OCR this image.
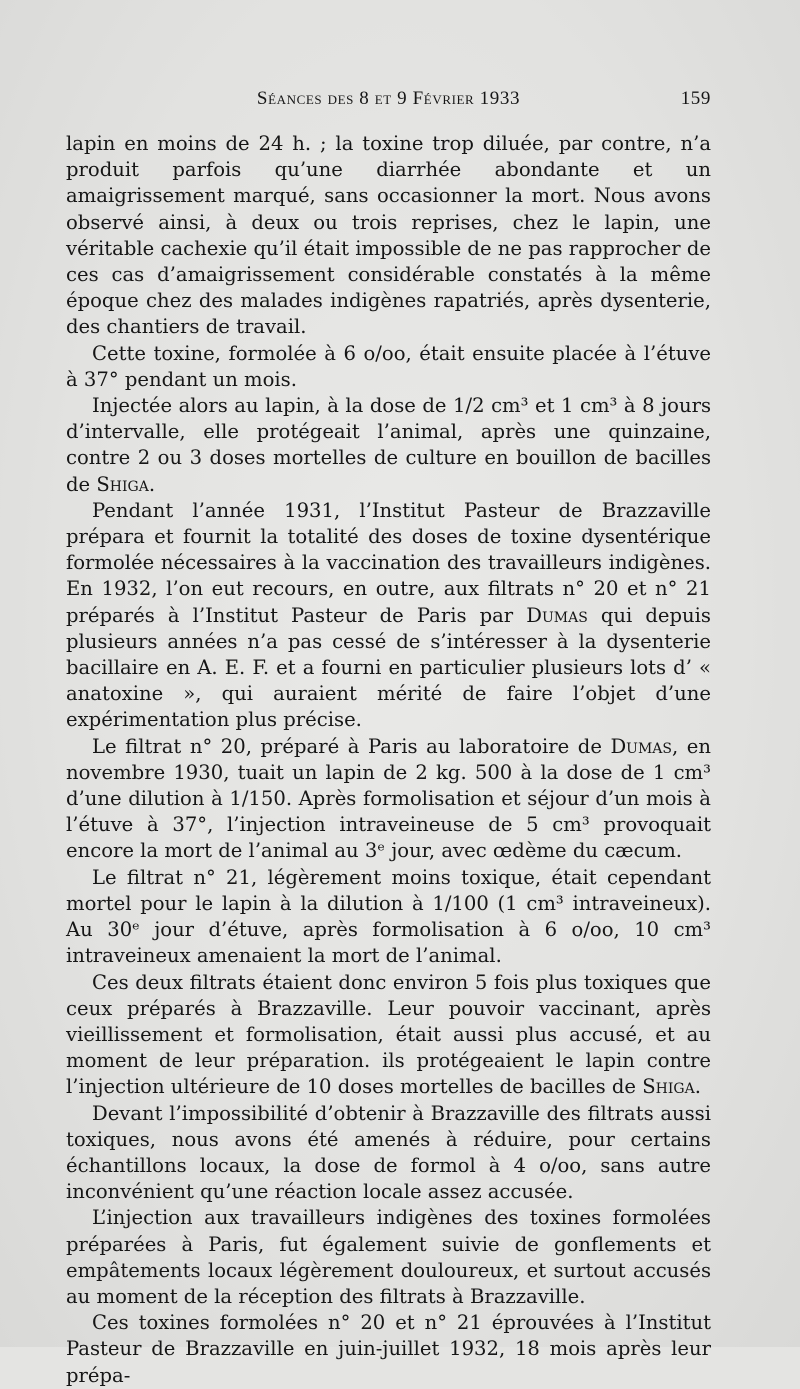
Séances des 8 et 9 Février 1933	159

lapin en moins de 24 h. ; la toxine trop diluée, par contre, n’a produit parfois qu’une diarrhée abondante et un amaigrissement marqué, sans occasionner la mort. Nous avons observé ainsi, à deux ou trois reprises, chez le lapin, une véritable cachexie qu’il était impossible de ne pas rapprocher de ces cas d’amaigrissement considérable constatés à la même époque chez des malades indigènes rapatriés, après dysenterie, des chantiers de travail.

Cette toxine, formolée à 6 o/oo, était ensuite placée à l’étuve à 37° pendant un mois.

Injectée alors au lapin, à la dose de 1/2 cm³ et 1 cm³ à 8 jours d’intervalle, elle protégeait l’animal, après une quinzaine, contre 2 ou 3 doses mortelles de culture en bouillon de bacilles de Shiga.

Pendant l’année 1931, l’Institut Pasteur de Brazzaville prépara et fournit la totalité des doses de toxine dysentérique formolée nécessaires à la vaccination des travailleurs indigènes. En 1932, l’on eut recours, en outre, aux filtrats n° 20 et n° 21 préparés à l’Institut Pasteur de Paris par Dumas qui depuis plusieurs années n’a pas cessé de s’intéresser à la dysenterie bacillaire en A. E. F. et a fourni en particulier plusieurs lots d’ « anatoxine », qui auraient mérité de faire l’objet d’une expérimentation plus précise.

Le filtrat n° 20, préparé à Paris au laboratoire de Dumas, en novembre 1930, tuait un lapin de 2 kg. 500 à la dose de 1 cm³ d’une dilution à 1/150. Après formolisation et séjour d’un mois à l’étuve à 37°, l’injection intraveineuse de 5 cm³ provoquait encore la mort de l’animal au 3ᵉ jour, avec œdème du cæcum.

Le filtrat n° 21, légèrement moins toxique, était cependant mortel pour le lapin à la dilution à 1/100 (1 cm³ intraveineux). Au 30ᵉ jour d’étuve, après formolisation à 6 o/oo, 10 cm³ intraveineux amenaient la mort de l’animal.

Ces deux filtrats étaient donc environ 5 fois plus toxiques que ceux préparés à Brazzaville. Leur pouvoir vaccinant, après vieillissement et formolisation, était aussi plus accusé, et au moment de leur préparation. ils protégeaient le lapin contre l’injection ultérieure de 10 doses mortelles de bacilles de Shiga.

Devant l’impossibilité d’obtenir à Brazzaville des filtrats aussi toxiques, nous avons été amenés à réduire, pour certains échantillons locaux, la dose de formol à 4 o/oo, sans autre inconvénient qu’une réaction locale assez accusée.

L’injection aux travailleurs indigènes des toxines formolées préparées à Paris, fut également suivie de gonflements et empâtements locaux légèrement douloureux, et surtout accusés au moment de la réception des filtrats à Brazzaville.

Ces toxines formolées n° 20 et n° 21 éprouvées à l’Institut Pasteur de Brazzaville en juin-juillet 1932, 18 mois après leur prépa-
